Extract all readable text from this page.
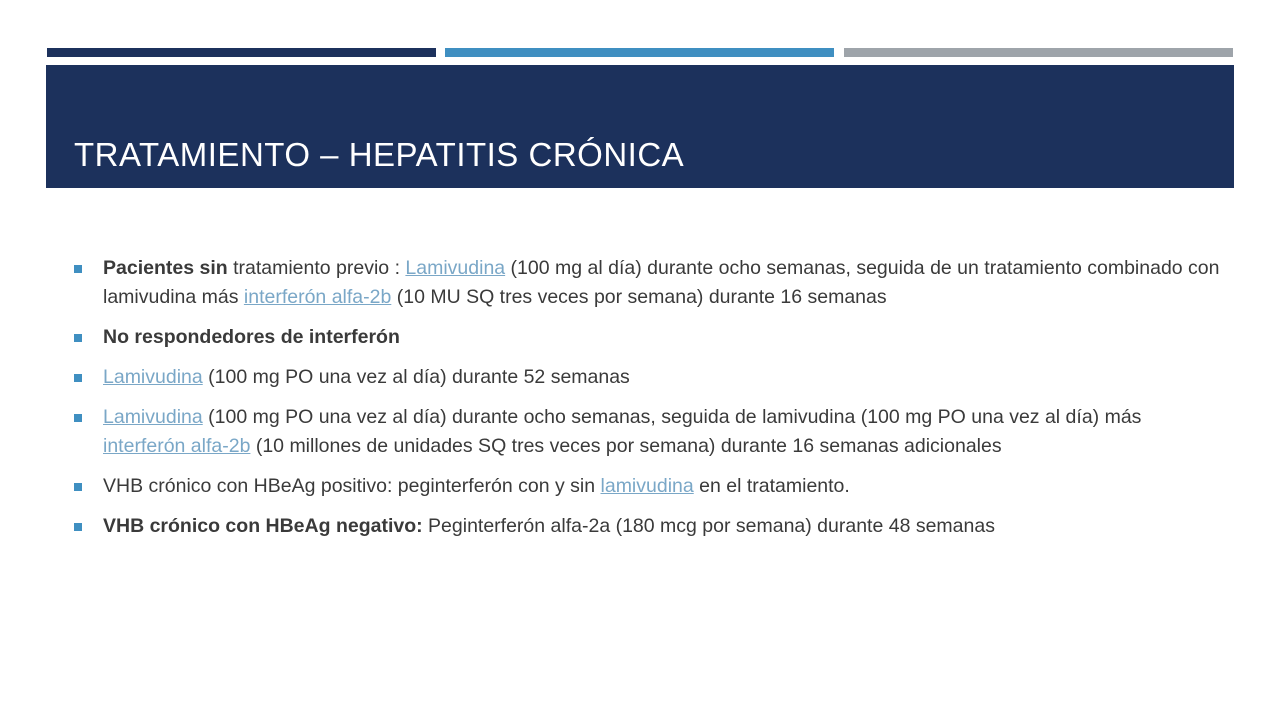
TRATAMIENTO – HEPATITIS CRÓNICA
Pacientes sin tratamiento previo : Lamivudina (100 mg al día) durante ocho semanas, seguida de un tratamiento combinado con lamivudina más interferón alfa-2b (10 MU SQ tres veces por semana) durante 16 semanas
No respondedores de interferón
Lamivudina (100 mg PO una vez al día) durante 52 semanas
Lamivudina (100 mg PO una vez al día) durante ocho semanas, seguida de lamivudina (100 mg PO una vez al día) más interferón alfa-2b (10 millones de unidades SQ tres veces por semana) durante 16 semanas adicionales
VHB crónico con HBeAg positivo: peginterferón con y sin lamivudina en el tratamiento.
VHB crónico con HBeAg negativo: Peginterferón alfa-2a (180 mcg por semana) durante 48 semanas
